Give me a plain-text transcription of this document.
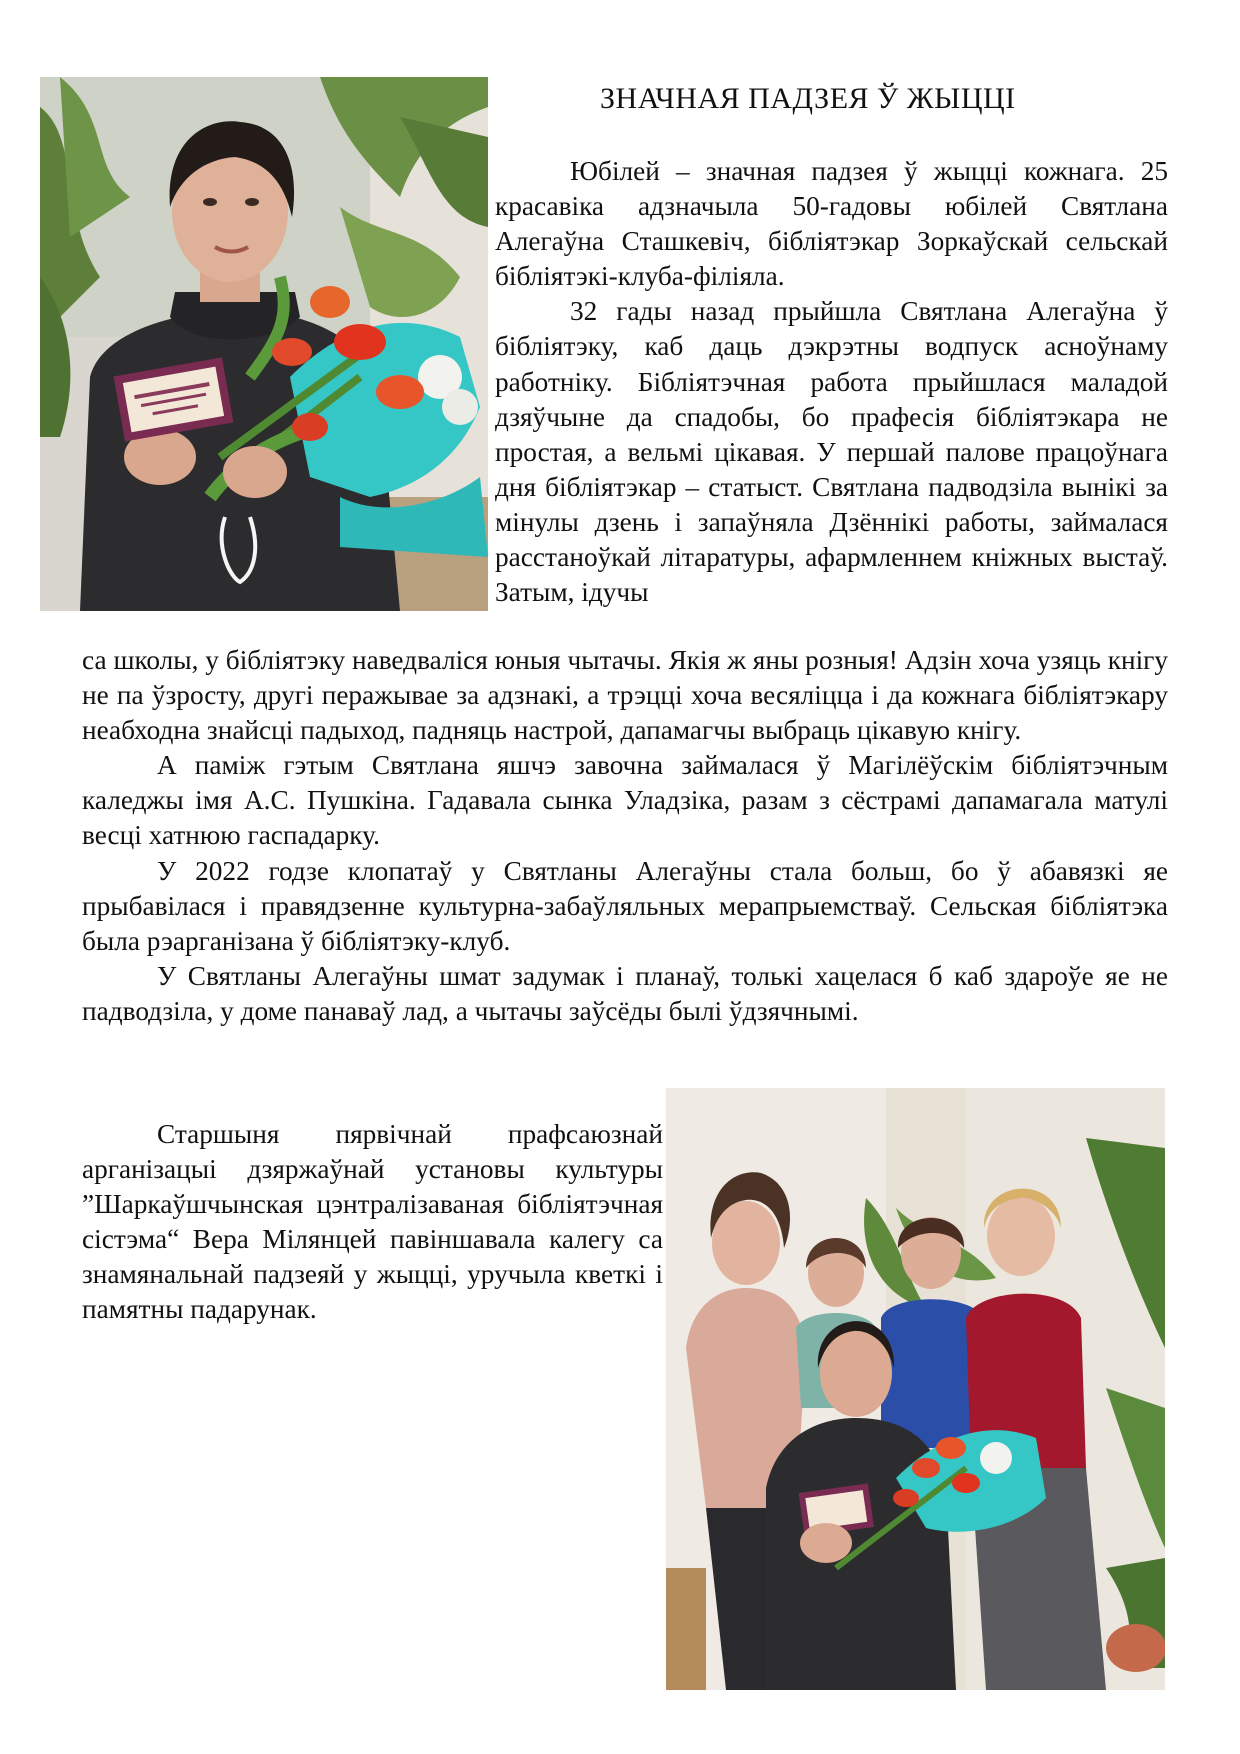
ЗНАЧНАЯ ПАДЗЕЯ Ў ЖЫЦЦІ

Юбілей – значная падзея ў жыцці кожнага. 25 красавіка адзначыла 50-гадовы юбілей Святлана Алегаўна Сташкевіч, бібліятэкар Зоркаўскай сельскай бібліятэкі-клуба-філіяла.

32 гады назад прыйшла Святлана Алегаўна ў бібліятэку, каб даць дэкрэтны водпуск асноўнаму работніку. Бібліятэчная работа прыйшлася маладой дзяўчыне да спадобы, бо прафесія бібліятэкара не простая, а вельмі цікавая. У першай палове працоўнага дня бібліятэкар – статыст. Святлана падводзіла вынікі за мінулы дзень і запаўняла Дзённікі работы, займалася расстаноўкай літаратуры, афармленнем кніжных выстаў. Затым, ідучы

са школы, у бібліятэку наведваліся юныя чытачы. Якія ж яны розныя! Адзін хоча узяць кнігу не па ўзросту, другі перажывае за адзнакі, а трэцці хоча весяліцца і да кожнага бібліятэкару неабходна знайсці падыход, падняць настрой, дапамагчы выбраць цікавую кнігу.

А паміж гэтым Святлана яшчэ завочна займалася ў Магілёўскім бібліятэчным каледжы імя А.С. Пушкіна. Гадавала сынка Уладзіка, разам з сёстрамі дапамагала матулі весці хатнюю гаспадарку.

У 2022 годзе клопатаў у Святланы Алегаўны стала больш, бо ў абавязкі яе прыбавілася і правядзенне культурна-забаўляльных мерапрыемстваў. Сельская бібліятэка была рэарганізана ў бібліятэку-клуб.

У Святланы Алегаўны шмат задумак і планаў, толькі хацелася б каб здароўе яе не падводзіла, у доме панаваў лад, а чытачы заўсёды былі ўдзячнымі.

Старшыня пярвічнай прафсаюзнай арганізацыі дзяржаўнай установы культуры ”Шаркаўшчынская цэнтралізаваная бібліятэчная сістэма“ Вера Мілянцей павіншавала калегу са знамянальнай падзеяй у жыцці, уручыла кветкі і памятны падарунак.
